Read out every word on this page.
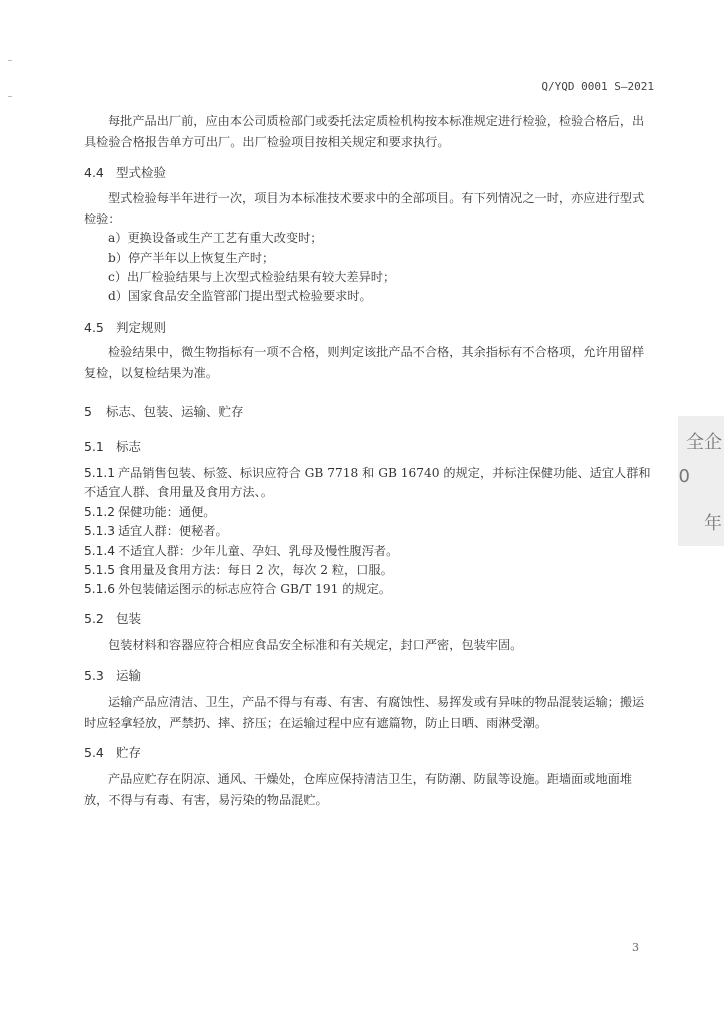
Q/YQD 0001 S—2021
每批产品出厂前，应由本公司质检部门或委托法定质检机构按本标准规定进行检验，检验合格后，出具检验合格报告单方可出厂。出厂检验项目按相关规定和要求执行。
4.4 型式检验
型式检验每半年进行一次，项目为本标准技术要求中的全部项目。有下列情况之一时，亦应进行型式检验：
a）更换设备或生产工艺有重大改变时；
b）停产半年以上恢复生产时；
c）出厂检验结果与上次型式检验结果有较大差异时；
d）国家食品安全监管部门提出型式检验要求时。
4.5 判定规则
检验结果中，微生物指标有一项不合格，则判定该批产品不合格，其余指标有不合格项，允许用留样复检，以复检结果为准。
5 标志、包装、运输、贮存
5.1 标志
5.1.1 产品销售包装、标签、标识应符合 GB 7718 和 GB 16740 的规定，并标注保健功能、适宜人群和不适宜人群、食用量及食用方法、。
5.1.2 保健功能：通便。
5.1.3 适宜人群：便秘者。
5.1.4 不适宜人群：少年儿童、孕妇、乳母及慢性腹泻者。
5.1.5 食用量及食用方法：每日 2 次，每次 2 粒，口服。
5.1.6 外包装储运图示的标志应符合 GB/T 191 的规定。
5.2 包装
包装材料和容器应符合相应食品安全标准和有关规定，封口严密，包装牢固。
5.3 运输
运输产品应清洁、卫生，产品不得与有毒、有害、有腐蚀性、易挥发或有异味的物品混装运输；搬运时应轻拿轻放，严禁扔、摔、挤压；在运输过程中应有遮篇物，防止日晒、雨淋受潮。
5.4 贮存
产品应贮存在阴凉、通风、干燥处，仓库应保持清洁卫生，有防潮、防鼠等设施。距墙面或地面堆放，不得与有毒、有害，易污染的物品混贮。
全企
0
年
3
